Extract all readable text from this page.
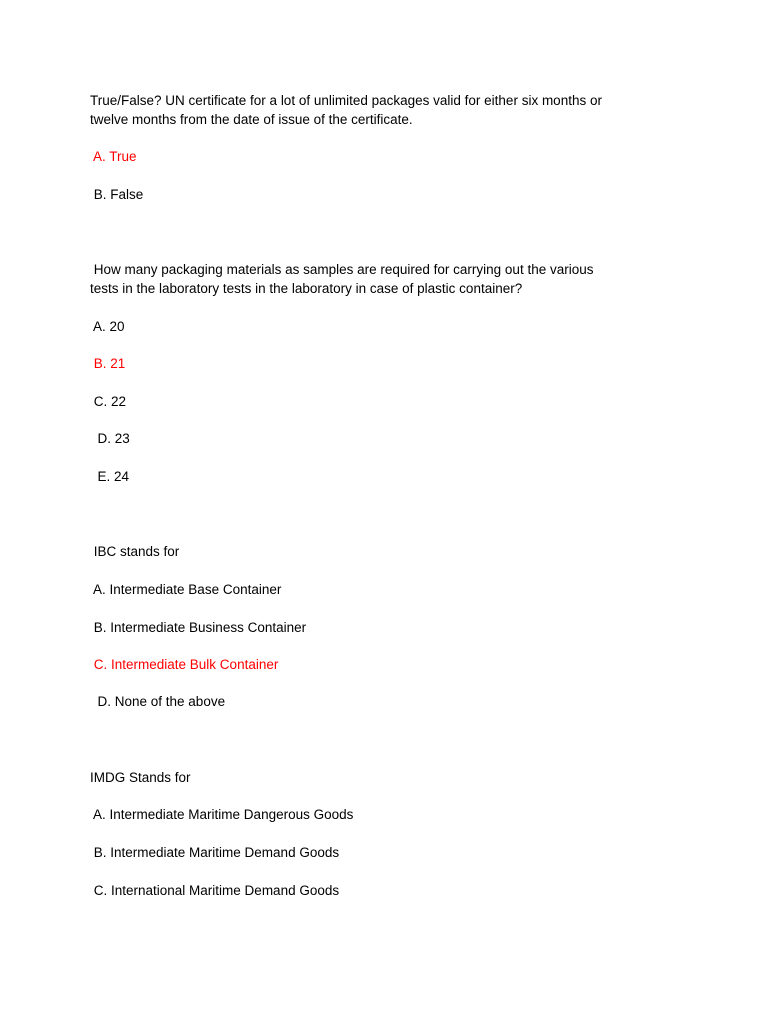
True/False? UN certificate for a lot of unlimited packages valid for either six months or

twelve months from the date of issue of the certificate.

A. True

B. False

How many packaging materials as samples are required for carrying out the various

tests in the laboratory tests in the laboratory in case of plastic container?

A. 20

B. 21

C. 22

D. 23

E. 24

IBC stands for

A. Intermediate Base Container

B. Intermediate Business Container

C. Intermediate Bulk Container

D. None of the above

IMDG Stands for

A. Intermediate Maritime Dangerous Goods

B. Intermediate Maritime Demand Goods

C. International Maritime Demand Goods
